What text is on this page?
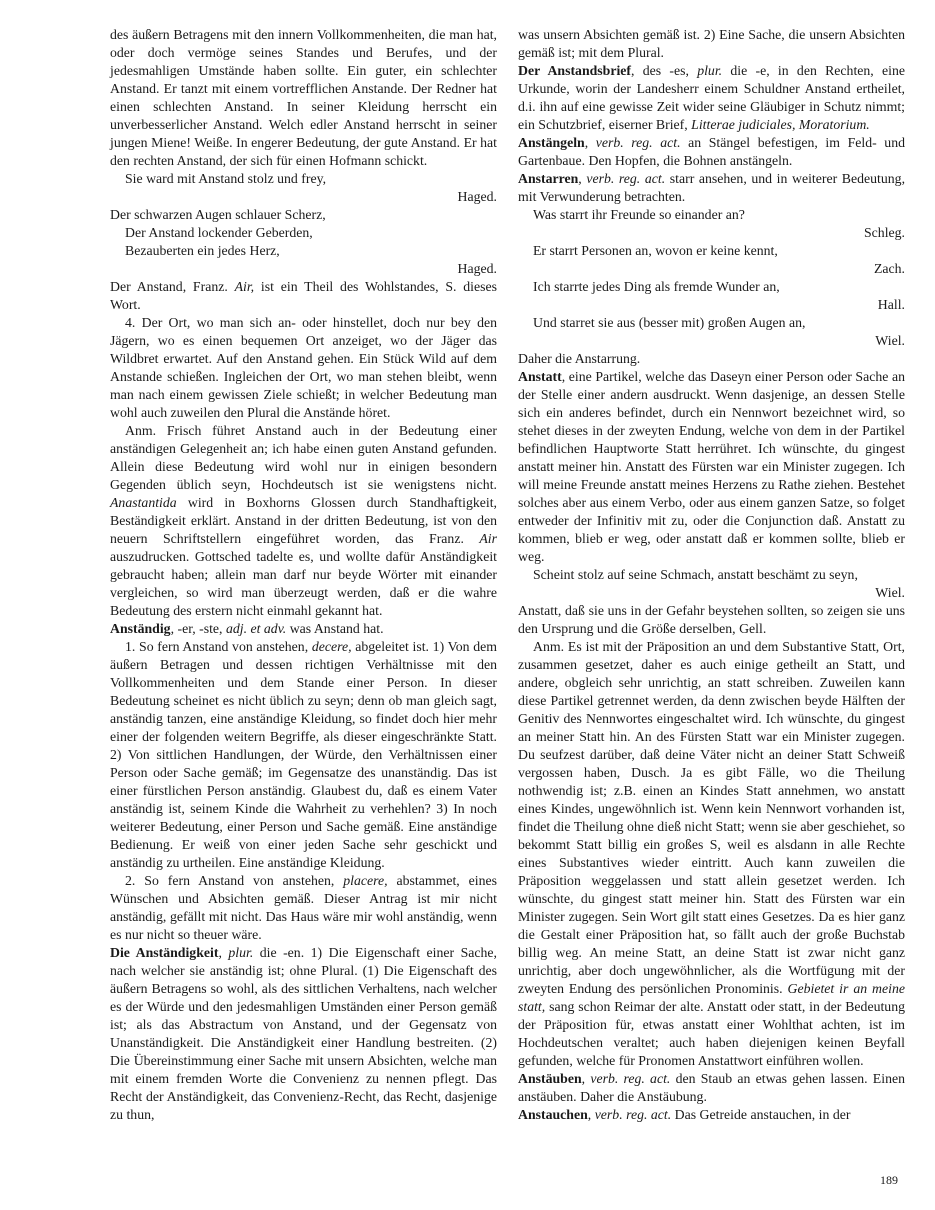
des äußern Betragens mit den innern Vollkommenheiten, die man hat, oder doch vermöge seines Standes und Berufes, und der jedesmahligen Umstände haben sollte. Ein guter, ein schlechter Anstand. Er tanzt mit einem vortrefflichen Anstande. Der Redner hat einen schlechten Anstand. In seiner Kleidung herrscht ein unverbesserlicher Anstand. Welch edler Anstand herrscht in seiner jungen Miene! Weiße. In engerer Bedeutung, der gute Anstand. Er hat den rechten Anstand, der sich für einen Hofmann schickt.

Sie ward mit Anstand stolz und frey,

Haged.

Der schwarzen Augen schlauer Scherz,

Der Anstand lockender Geberden,

Bezauberten ein jedes Herz,

Haged.

Der Anstand, Franz. Air, ist ein Theil des Wohlstandes, S. dieses Wort.

4. Der Ort, wo man sich an- oder hinstellet, doch nur bey den Jägern, wo es einen bequemen Ort anzeiget, wo der Jäger das Wildbret erwartet. Auf den Anstand gehen. Ein Stück Wild auf dem Anstande schießen. Ingleichen der Ort, wo man stehen bleibt, wenn man nach einem gewissen Ziele schießt; in welcher Bedeutung man wohl auch zuweilen den Plural die Anstände höret.

Anm. Frisch führet Anstand auch in der Bedeutung einer anständigen Gelegenheit an; ich habe einen guten Anstand gefunden. Allein diese Bedeutung wird wohl nur in einigen besondern Gegenden üblich seyn, Hochdeutsch ist sie wenigstens nicht. Anastantida wird in Boxhorns Glossen durch Standhaftigkeit, Beständigkeit erklärt. Anstand in der dritten Bedeutung, ist von den neuern Schriftstellern eingeführet worden, das Franz. Air auszudrucken. Gottsched tadelte es, und wollte dafür Anständigkeit gebraucht haben; allein man darf nur beyde Wörter mit einander vergleichen, so wird man überzeugt werden, daß er die wahre Bedeutung des erstern nicht einmahl gekannt hat.

Anständig, -er, -ste, adj. et adv. was Anstand hat.

1. So fern Anstand von anstehen, decere, abgeleitet ist. 1) Von dem äußern Betragen und dessen richtigen Verhältnisse mit den Vollkommenheiten und dem Stande einer Person. In dieser Bedeutung scheinet es nicht üblich zu seyn; denn ob man gleich sagt, anständig tanzen, eine anständige Kleidung, so findet doch hier mehr einer der folgenden weitern Begriffe, als dieser eingeschränkte Statt. 2) Von sittlichen Handlungen, der Würde, den Verhältnissen einer Person oder Sache gemäß; im Gegensatze des unanständig. Das ist einer fürstlichen Person anständig. Glaubest du, daß es einem Vater anständig ist, seinem Kinde die Wahrheit zu verhehlen? 3) In noch weiterer Bedeutung, einer Person und Sache gemäß. Eine anständige Bedienung. Er weiß von einer jeden Sache sehr geschickt und anständig zu urtheilen. Eine anständige Kleidung.

2. So fern Anstand von anstehen, placere, abstammet, eines Wünschen und Absichten gemäß. Dieser Antrag ist mir nicht anständig, gefällt mit nicht. Das Haus wäre mir wohl anständig, wenn es nur nicht so theuer wäre.

Die Anständigkeit, plur. die -en. 1) Die Eigenschaft einer Sache, nach welcher sie anständig ist; ohne Plural. (1) Die Eigenschaft des äußern Betragens so wohl, als des sittlichen Verhaltens, nach welcher es der Würde und den jedesmahligen Umständen einer Person gemäß ist; als das Abstractum von Anstand, und der Gegensatz von Unanständigkeit. Die Anständigkeit einer Handlung bestreiten. (2) Die Übereinstimmung einer Sache mit unsern Absichten, welche man mit einem fremden Worte die Convenienz zu nennen pflegt. Das Recht der Anständigkeit, das Convenienz-Recht, das Recht, dasjenige zu thun,

was unsern Absichten gemäß ist. 2) Eine Sache, die unsern Absichten gemäß ist; mit dem Plural.

Der Anstandsbrief, des -es, plur. die -e, in den Rechten, eine Urkunde, worin der Landesherr einem Schuldner Anstand ertheilet, d.i. ihn auf eine gewisse Zeit wider seine Gläubiger in Schutz nimmt; ein Schutzbrief, eiserner Brief, Litterae judiciales, Moratorium.

Anstängeln, verb. reg. act. an Stängel befestigen, im Feld- und Gartenbaue. Den Hopfen, die Bohnen anstängeln.

Anstarren, verb. reg. act. starr ansehen, und in weiterer Bedeutung, mit Verwunderung betrachten.

Was starrt ihr Freunde so einander an?

Schleg.

Er starrt Personen an, wovon er keine kennt,

Zach.

Ich starrte jedes Ding als fremde Wunder an,

Hall.

Und starret sie aus (besser mit) großen Augen an,

Wiel.

Daher die Anstarrung.

Anstatt, eine Partikel, welche das Daseyn einer Person oder Sache an der Stelle einer andern ausdruckt. Wenn dasjenige, an dessen Stelle sich ein anderes befindet, durch ein Nennwort bezeichnet wird, so stehet dieses in der zweyten Endung, welche von dem in der Partikel befindlichen Hauptworte Statt herrühret. Ich wünschte, du gingest anstatt meiner hin. Anstatt des Fürsten war ein Minister zugegen. Ich will meine Freunde anstatt meines Herzens zu Rathe ziehen. Bestehet solches aber aus einem Verbo, oder aus einem ganzen Satze, so folget entweder der Infinitiv mit zu, oder die Conjunction daß. Anstatt zu kommen, blieb er weg, oder anstatt daß er kommen sollte, blieb er weg.

Scheint stolz auf seine Schmach, anstatt beschämt zu seyn,

Wiel.

Anstatt, daß sie uns in der Gefahr beystehen sollten, so zeigen sie uns den Ursprung und die Größe derselben, Gell.

Anm. Es ist mit der Präposition an und dem Substantive Statt, Ort, zusammen gesetzet, daher es auch einige getheilt an Statt, und andere, obgleich sehr unrichtig, an statt schreiben. Zuweilen kann diese Partikel getrennet werden, da denn zwischen beyde Hälften der Genitiv des Nennwortes eingeschaltet wird. Ich wünschte, du gingest an meiner Statt hin. An des Fürsten Statt war ein Minister zugegen. Du seufzest darüber, daß deine Väter nicht an deiner Statt Schweiß vergossen haben, Dusch. Ja es gibt Fälle, wo die Theilung nothwendig ist; z.B. einen an Kindes Statt annehmen, wo anstatt eines Kindes, ungewöhnlich ist. Wenn kein Nennwort vorhanden ist, findet die Theilung ohne dieß nicht Statt; wenn sie aber geschiehet, so bekommt Statt billig ein großes S, weil es alsdann in alle Rechte eines Substantives wieder eintritt. Auch kann zuweilen die Präposition weggelassen und statt allein gesetzet werden. Ich wünschte, du gingest statt meiner hin. Statt des Fürsten war ein Minister zugegen. Sein Wort gilt statt eines Gesetzes. Da es hier ganz die Gestalt einer Präposition hat, so fällt auch der große Buchstab billig weg. An meine Statt, an deine Statt ist zwar nicht ganz unrichtig, aber doch ungewöhnlicher, als die Wortfügung mit der zweyten Endung des persönlichen Pronominis. Gebietet ir an meine statt, sang schon Reimar der alte. Anstatt oder statt, in der Bedeutung der Präposition für, etwas anstatt einer Wohlthat achten, ist im Hochdeutschen veraltet; auch haben diejenigen keinen Beyfall gefunden, welche für Pronomen Anstattwort einführen wollen.

Anstäuben, verb. reg. act. den Staub an etwas gehen lassen. Einen anstäuben. Daher die Anstäubung.

Anstauchen, verb. reg. act. Das Getreide anstauchen, in der

189
